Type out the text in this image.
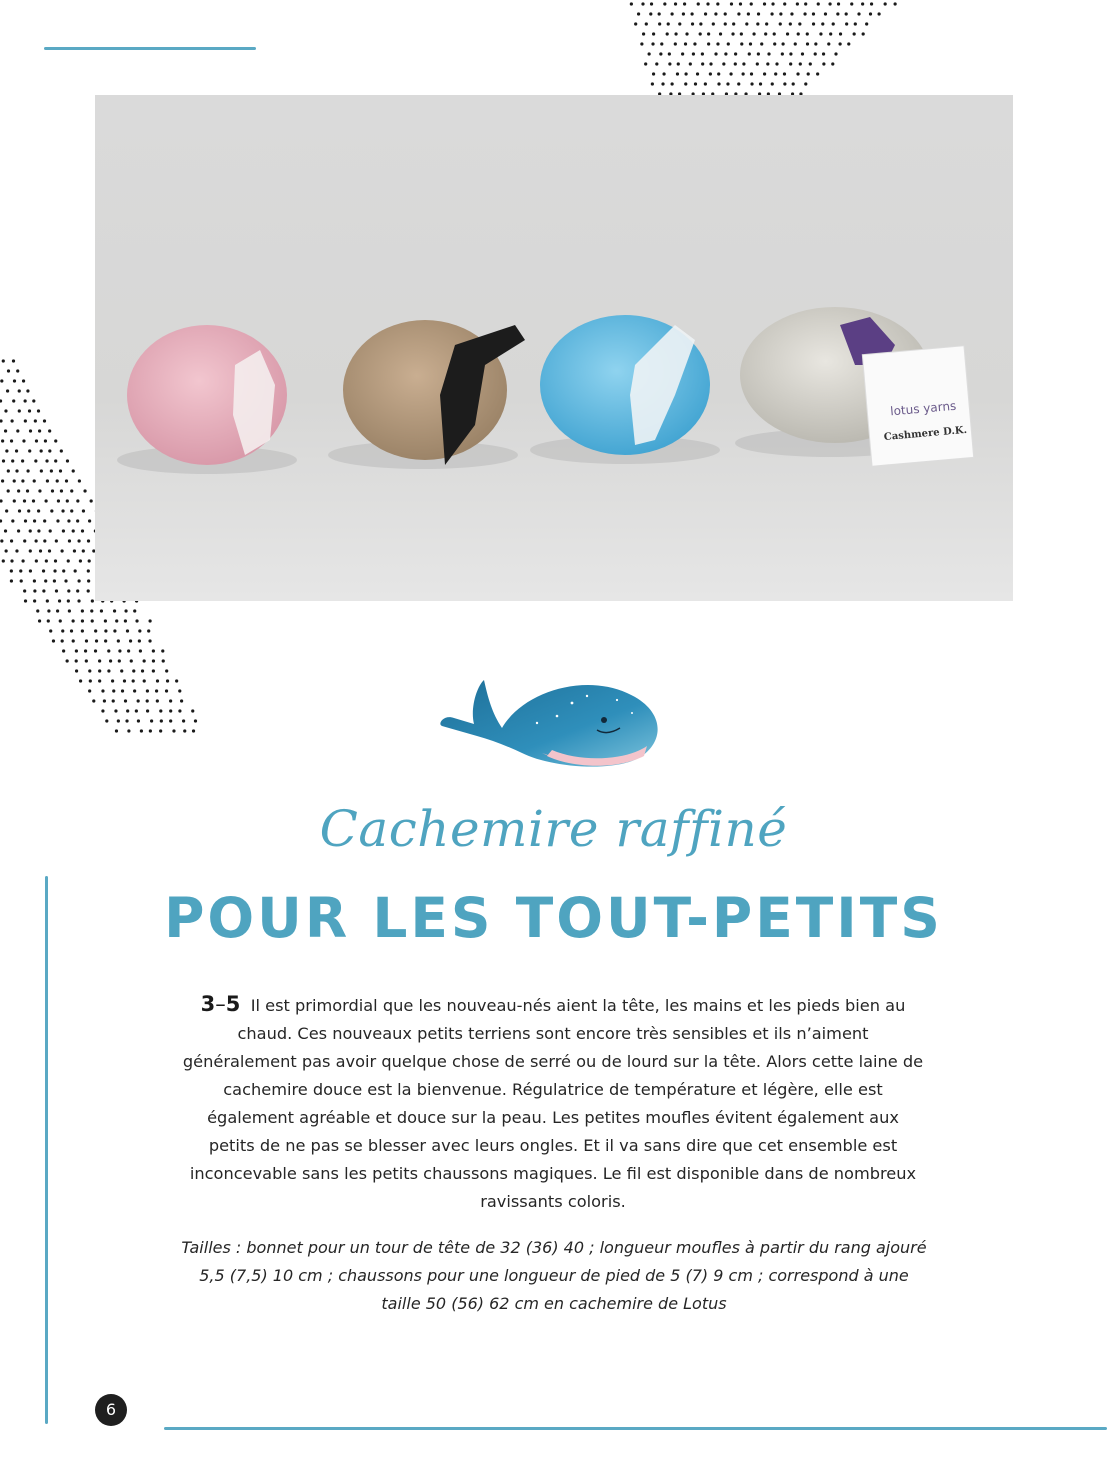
lotus yarns
Cashmere D.K.
Cachemire raffiné
POUR LES TOUT-PETITS
3–5 Il est primordial que les nouveau-nés aient la tête, les mains et les pieds bien au chaud. Ces nouveaux petits terriens sont encore très sensibles et ils n’aiment généralement pas avoir quelque chose de serré ou de lourd sur la tête. Alors cette laine de cachemire douce est la bienvenue. Régulatrice de température et légère, elle est également agréable et douce sur la peau. Les petites moufles évitent également aux petits de ne pas se blesser avec leurs ongles. Et il va sans dire que cet ensemble est inconcevable sans les petits chaussons magiques. Le fil est disponible dans de nombreux ravissants coloris.
Tailles : bonnet pour un tour de tête de 32 (36) 40 ; longueur moufles à partir du rang ajouré 5,5 (7,5) 10 cm ; chaussons pour une longueur de pied de 5 (7) 9 cm ; correspond à une taille 50 (56) 62 cm en cachemire de Lotus
6
